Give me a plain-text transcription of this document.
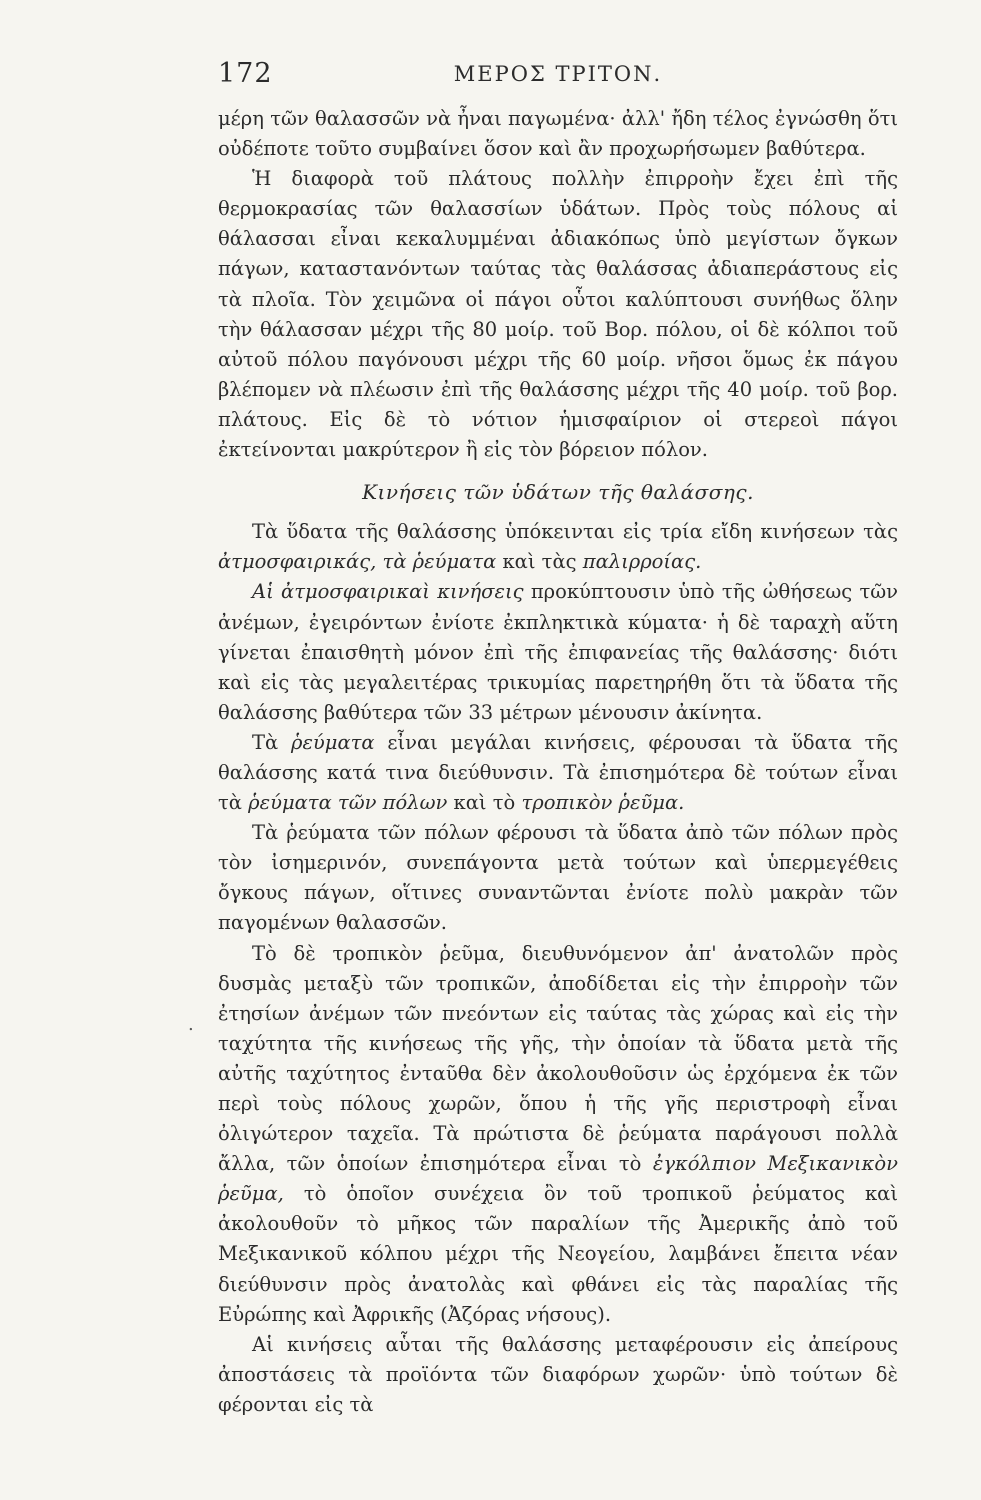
172	ΜΕΡΟΣ ΤΡΙΤΟΝ.
.

μέρη τῶν θαλασσῶν νὰ ἦναι παγωμένα· ἀλλ' ἤδη τέλος ἐγνώσθη ὅτι οὐδέποτε τοῦτο συμβαίνει ὅσον καὶ ἂν προχωρήσωμεν βαθύτερα.

Ἡ διαφορὰ τοῦ πλάτους πολλὴν ἐπιρροὴν ἔχει ἐπὶ τῆς θερμοκρασίας τῶν θαλασσίων ὑδάτων. Πρὸς τοὺς πόλους αἱ θάλασσαι εἶναι κεκαλυμμέναι ἀδιακόπως ὑπὸ μεγίστων ὄγκων πάγων, καταστανόντων ταύτας τὰς θαλάσσας ἀδιαπεράστους εἰς τὰ πλοῖα. Τὸν χειμῶνα οἱ πάγοι οὗτοι καλύπτουσι συνήθως ὅλην τὴν θάλασσαν μέχρι τῆς 80 μοίρ. τοῦ Βορ. πόλου, οἱ δὲ κόλποι τοῦ αὐτοῦ πόλου παγόνουσι μέχρι τῆς 60 μοίρ. νῆσοι ὅμως ἐκ πάγου βλέπομεν νὰ πλέωσιν ἐπὶ τῆς θαλάσσης μέχρι τῆς 40 μοίρ. τοῦ βορ. πλάτους. Εἰς δὲ τὸ νότιον ἡμισφαίριον οἱ στερεοὶ πάγοι ἐκτείνονται μακρύτερον ἢ εἰς τὸν βόρειον πόλον.

Κινήσεις τῶν ὑδάτων τῆς θαλάσσης.

Τὰ ὕδατα τῆς θαλάσσης ὑπόκεινται εἰς τρία εἴδη κινήσεων τὰς ἀτμοσφαιρικάς, τὰ ῥεύματα καὶ τὰς παλιρροίας.

Αἱ ἀτμοσφαιρικαὶ κινήσεις προκύπτουσιν ὑπὸ τῆς ὠθήσεως τῶν ἀνέμων, ἐγειρόντων ἐνίοτε ἐκπληκτικὰ κύματα· ἡ δὲ ταραχὴ αὕτη γίνεται ἐπαισθητὴ μόνον ἐπὶ τῆς ἐπιφανείας τῆς θαλάσσης· διότι καὶ εἰς τὰς μεγαλειτέρας τρικυμίας παρετηρήθη ὅτι τὰ ὕδατα τῆς θαλάσσης βαθύτερα τῶν 33 μέτρων μένουσιν ἀκίνητα.

Τὰ ῥεύματα εἶναι μεγάλαι κινήσεις, φέρουσαι τὰ ὕδατα τῆς θαλάσσης κατά τινα διεύθυνσιν. Τὰ ἐπισημότερα δὲ τούτων εἶναι τὰ ῥεύματα τῶν πόλων καὶ τὸ τροπικὸν ῥεῦμα.

Τὰ ῥεύματα τῶν πόλων φέρουσι τὰ ὕδατα ἀπὸ τῶν πόλων πρὸς τὸν ἰσημερινόν, συνεπάγοντα μετὰ τούτων καὶ ὑπερμεγέθεις ὄγκους πάγων, οἵτινες συναντῶνται ἐνίοτε πολὺ μακρὰν τῶν παγομένων θαλασσῶν.

Τὸ δὲ τροπικὸν ῥεῦμα, διευθυνόμενον ἀπ' ἀνατολῶν πρὸς δυσμὰς μεταξὺ τῶν τροπικῶν, ἀποδίδεται εἰς τὴν ἐπιρροὴν τῶν ἐτησίων ἀνέμων τῶν πνεόντων εἰς ταύτας τὰς χώρας καὶ εἰς τὴν ταχύτητα τῆς κινήσεως τῆς γῆς, τὴν ὁποίαν τὰ ὕδατα μετὰ τῆς αὐτῆς ταχύτητος ἐνταῦθα δὲν ἀκολουθοῦσιν ὡς ἐρχόμενα ἐκ τῶν περὶ τοὺς πόλους χωρῶν, ὅπου ἡ τῆς γῆς περιστροφὴ εἶναι ὀλιγώτερον ταχεῖα. Τὰ πρώτιστα δὲ ῥεύματα παράγουσι πολλὰ ἄλλα, τῶν ὁποίων ἐπισημότερα εἶναι τὸ ἐγκόλπιον Μεξικανικὸν ῥεῦμα, τὸ ὁποῖον συνέχεια ὂν τοῦ τροπικοῦ ῥεύματος καὶ ἀκολουθοῦν τὸ μῆκος τῶν παραλίων τῆς Ἀμερικῆς ἀπὸ τοῦ Μεξικανικοῦ κόλπου μέχρι τῆς Νεογείου, λαμβάνει ἔπειτα νέαν διεύθυνσιν πρὸς ἀνατολὰς καὶ φθάνει εἰς τὰς παραλίας τῆς Εὐρώπης καὶ Ἀφρικῆς (Ἀζόρας νήσους).

Αἱ κινήσεις αὗται τῆς θαλάσσης μεταφέρουσιν εἰς ἀπείρους ἀποστάσεις τὰ προϊόντα τῶν διαφόρων χωρῶν· ὑπὸ τούτων δὲ φέρονται εἰς τὰ
